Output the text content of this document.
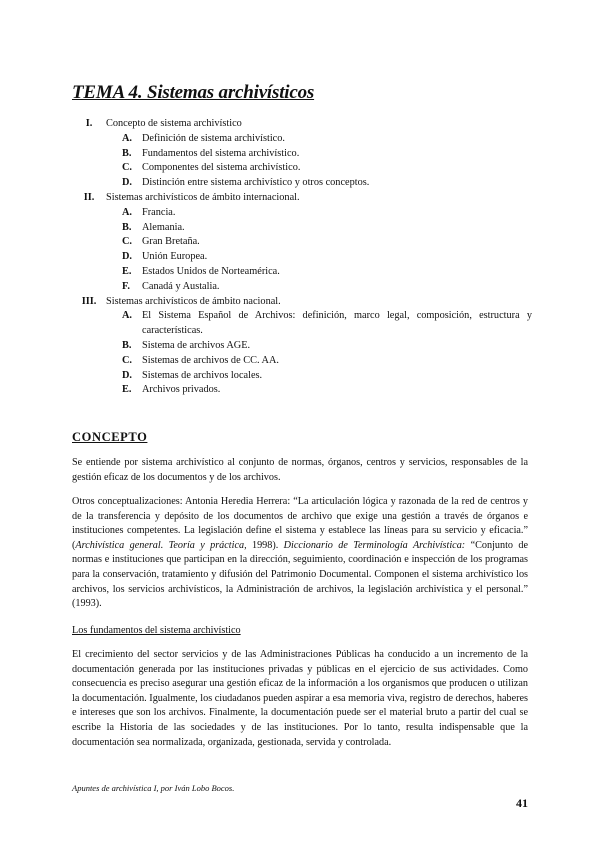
TEMA 4. Sistemas archivísticos
I.	Concepto de sistema archivístico
A. Definición de sistema archivístico.
B.	Fundamentos del sistema archivístico.
C. Componentes del sistema archivístico.
D. Distinción entre sistema archivístico y otros conceptos.
II.	Sistemas archivísticos de ámbito internacional.
A. Francia.
B.	Alemania.
C. Gran Bretaña.
D. Unión Europea.
E.	Estados Unidos de Norteamérica.
F.	Canadá y Austalia.
III. Sistemas archivísticos de ámbito nacional.
A. El Sistema Español de Archivos: definición, marco legal, composición, estructura y características.
B.	Sistema de archivos AGE.
C. Sistemas de archivos de CC. AA.
D. Sistemas de archivos locales.
E.	Archivos privados.
CONCEPTO

Se entiende por sistema archivístico al conjunto de normas, órganos, centros y servicios, responsables de la gestión eficaz de los documentos y de los archivos.

Otros conceptualizaciones: Antonia Heredia Herrera: “La articulación lógica y razonada de la red de centros y de la transferencia y depósito de los documentos de archivo que exige una gestión a través de órganos e instituciones competentes. La legislación define el sistema y establece las líneas para su servicio y eficacia.” (Archivística general. Teoría y práctica, 1998). Diccionario de Terminología Archivística: “Conjunto de normas e instituciones que participan en la dirección, seguimiento, coordinación e inspección de los programas para la conservación, tratamiento y difusión del Patrimonio Documental. Componen el sistema archivístico los archivos, los servicios archivísticos, la Administración de archivos, la legislación archivística y el personal.” (1993).

Los fundamentos del sistema archivístico

El crecimiento del sector servicios y de las Administraciones Públicas ha conducido a un incremento de la documentación generada por las instituciones privadas y públicas en el ejercicio de sus actividades. Como consecuencia es preciso asegurar una gestión eficaz de la información a los organismos que producen o utilizan la documentación. Igualmente, los ciudadanos pueden aspirar a esa memoria viva, registro de derechos, haberes e intereses que son los archivos. Finalmente, la documentación puede ser el material bruto a partir del cual se escribe la Historia de las sociedades y de las instituciones. Por lo tanto, resulta indispensable que la documentación sea normalizada, organizada, gestionada, servida y controlada.

Apuntes de archivística I, por Iván Lobo Bocos.

41
